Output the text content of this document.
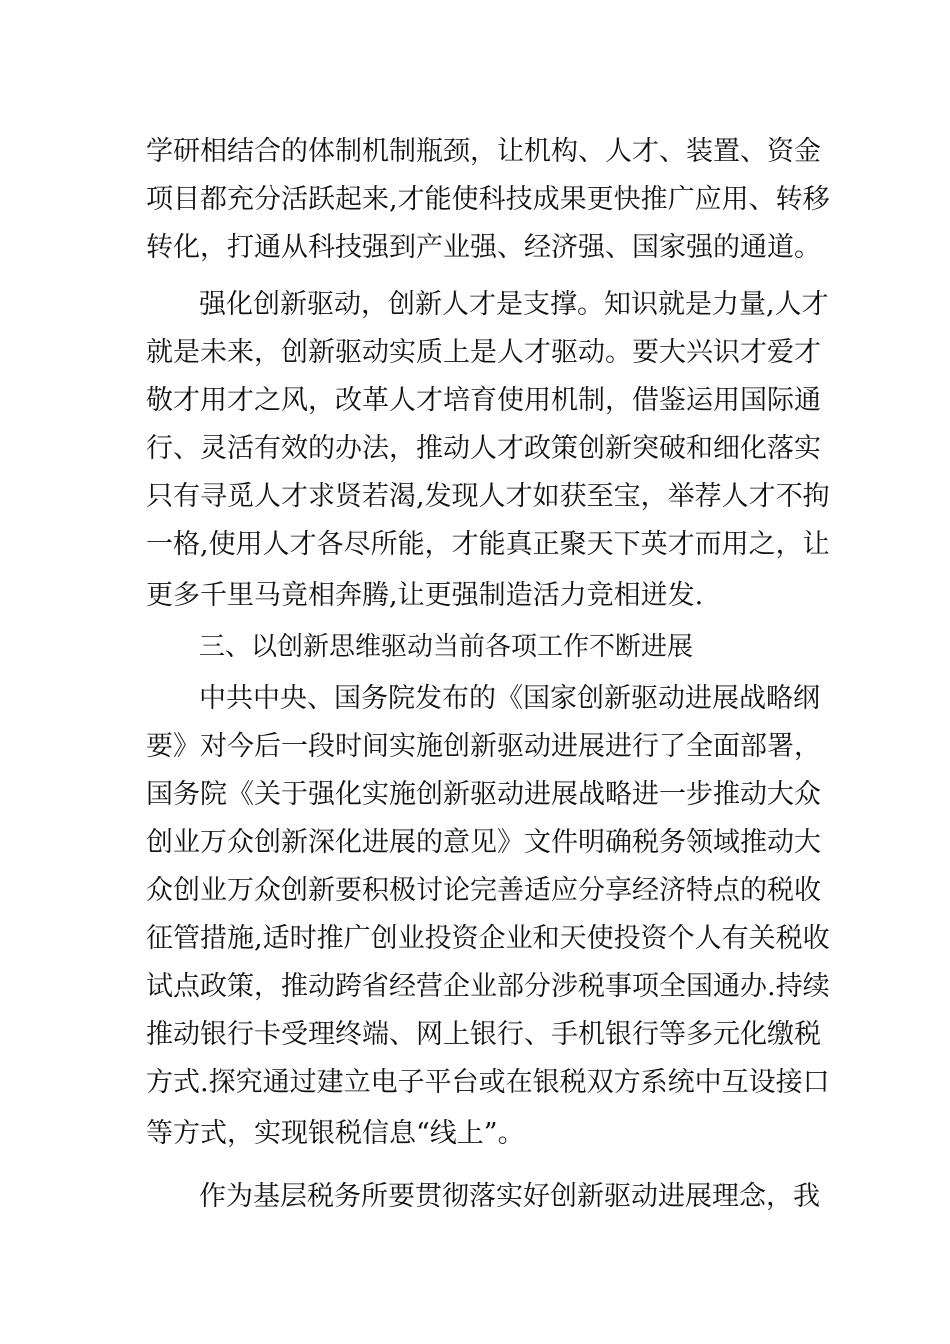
学研相结合的体制机制瓶颈，让机构、人才、装置、资金
项目都充分活跃起来,才能使科技成果更快推广应用、转移
转化，打通从科技强到产业强、经济强、国家强的通道。
强化创新驱动，创新人才是支撑。知识就是力量,人才
就是未来，创新驱动实质上是人才驱动。要大兴识才爱才
敬才用才之风，改革人才培育使用机制，借鉴运用国际通
行、灵活有效的办法，推动人才政策创新突破和细化落实
只有寻觅人才求贤若渴,发现人才如获至宝，举荐人才不拘
一格,使用人才各尽所能，才能真正聚天下英才而用之，让
更多千里马竟相奔腾,让更强制造活力竞相迸发.
三、以创新思维驱动当前各项工作不断进展
中共中央、国务院发布的《国家创新驱动进展战略纲
要》对今后一段时间实施创新驱动进展进行了全面部署，
国务院《关于强化实施创新驱动进展战略进一步推动大众
创业万众创新深化进展的意见》文件明确税务领域推动大
众创业万众创新要积极讨论完善适应分享经济特点的税收
征管措施,适时推广创业投资企业和天使投资个人有关税收
试点政策，推动跨省经营企业部分涉税事项全国通办.持续
推动银行卡受理终端、网上银行、手机银行等多元化缴税
方式.探究通过建立电子平台或在银税双方系统中互设接口
等方式，实现银税信息“线上”。
作为基层税务所要贯彻落实好创新驱动进展理念，我
